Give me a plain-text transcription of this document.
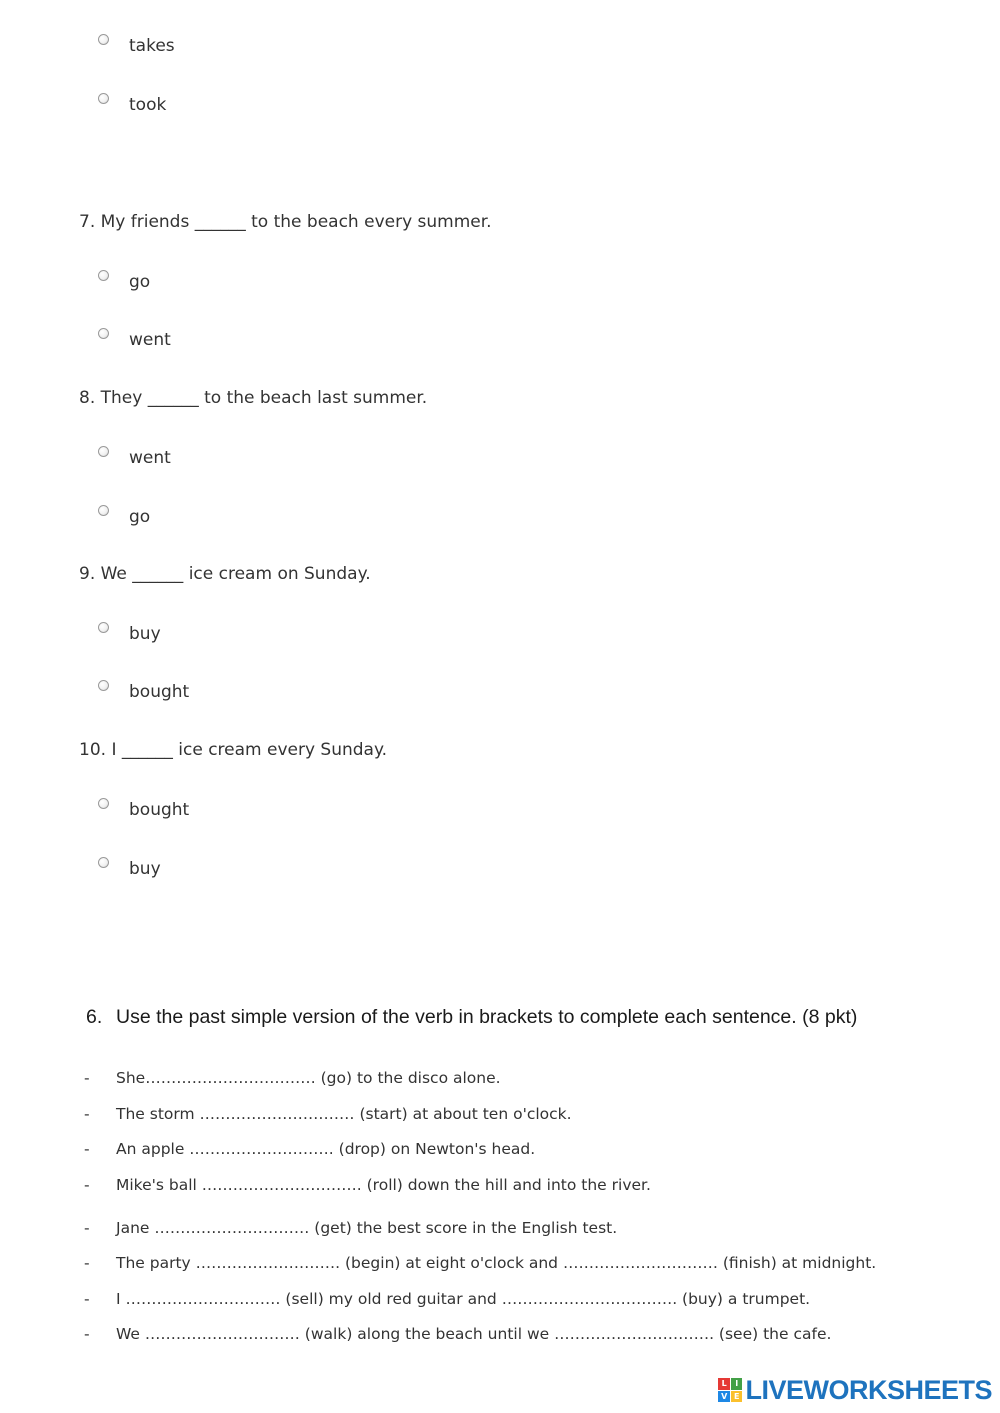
takes
took
7. My friends ______ to the beach every summer.
go
went
8. They ______ to the beach last summer.
went
go
9. We ______ ice cream on Sunday.
buy
bought
10. I ______ ice cream every Sunday.
bought
buy
6. Use the past simple version of the verb in brackets to complete each sentence. (8 pkt)
- She…………………………… (go) to the disco alone.
- The storm ………………………… (start) at about ten o'clock.
- An apple ………………………. (drop) on Newton's head.
- Mike's ball …………………………. (roll) down the hill and into the river.
- Jane ………………………… (get) the best score in the English test.
- The party ………………………. (begin) at eight o'clock and ………………………… (finish) at midnight.
- I ………………………… (sell) my old red guitar and ……………………………. (buy) a trumpet.
- We ………………………… (walk) along the beach until we …………………………. (see) the cafe.
L	I
V E LIVEWORKSHEETS
